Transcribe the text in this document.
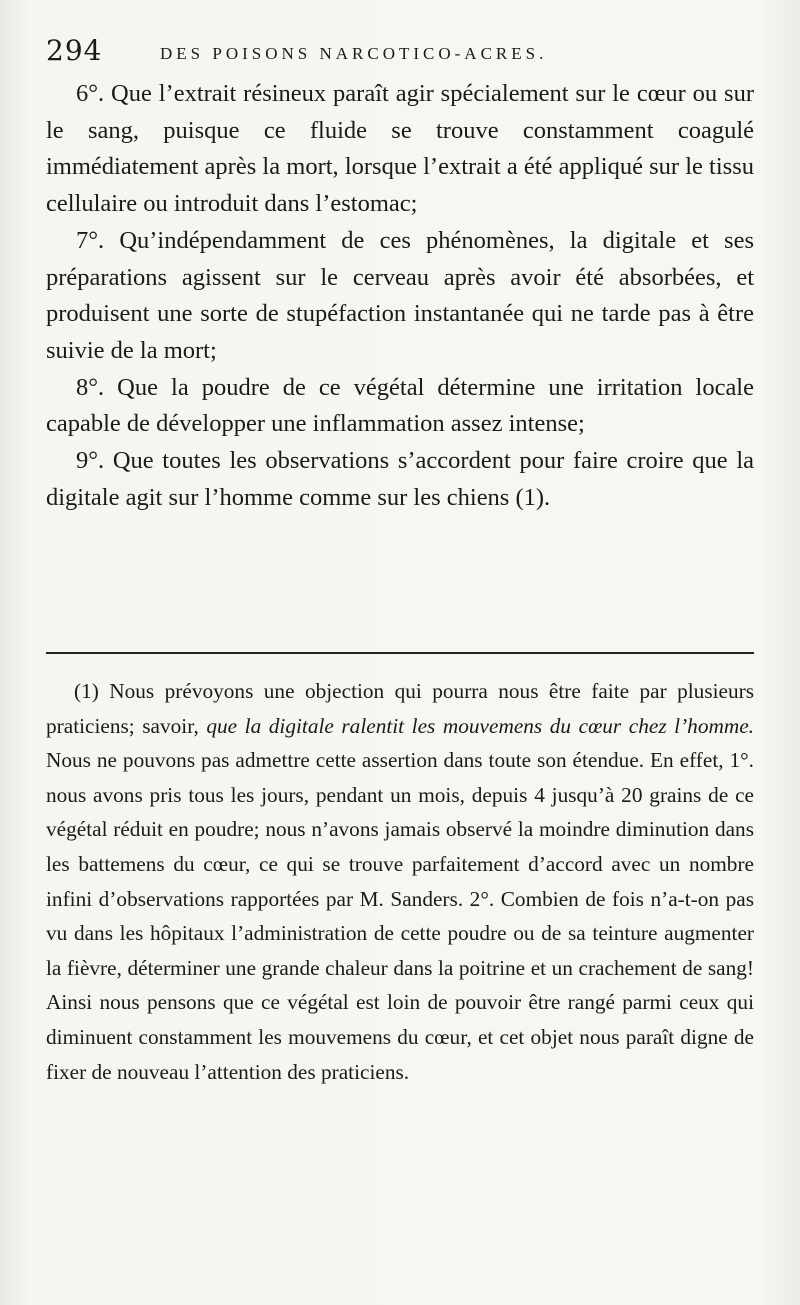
294	DES POISONS NARCOTICO-ACRES.

6°. Que l’extrait résineux paraît agir spécialement sur le cœur ou sur le sang, puisque ce fluide se trouve constamment coagulé immédiatement après la mort, lorsque l’extrait a été appliqué sur le tissu cellulaire ou introduit dans l’estomac;

7°. Qu’indépendamment de ces phénomènes, la digitale et ses préparations agissent sur le cerveau après avoir été absorbées, et produisent une sorte de stupéfaction instantanée qui ne tarde pas à être suivie de la mort;

8°. Que la poudre de ce végétal détermine une irritation locale capable de développer une inflammation assez intense;

9°. Que toutes les observations s’accordent pour faire croire que la digitale agit sur l’homme comme sur les chiens (1).

(1) Nous prévoyons une objection qui pourra nous être faite par plusieurs praticiens; savoir, que la digitale ralentit les mouvemens du cœur chez l’homme. Nous ne pouvons pas admettre cette assertion dans toute son étendue. En effet, 1°. nous avons pris tous les jours, pendant un mois, depuis 4 jusqu’à 20 grains de ce végétal réduit en poudre; nous n’avons jamais observé la moindre diminution dans les battemens du cœur, ce qui se trouve parfaitement d’accord avec un nombre infini d’observations rapportées par M. Sanders. 2°. Combien de fois n’a-t-on pas vu dans les hôpitaux l’administration de cette poudre ou de sa teinture augmenter la fièvre, déterminer une grande chaleur dans la poitrine et un crachement de sang! Ainsi nous pensons que ce végétal est loin de pouvoir être rangé parmi ceux qui diminuent constamment les mouvemens du cœur, et cet objet nous paraît digne de fixer de nouveau l’attention des praticiens.
